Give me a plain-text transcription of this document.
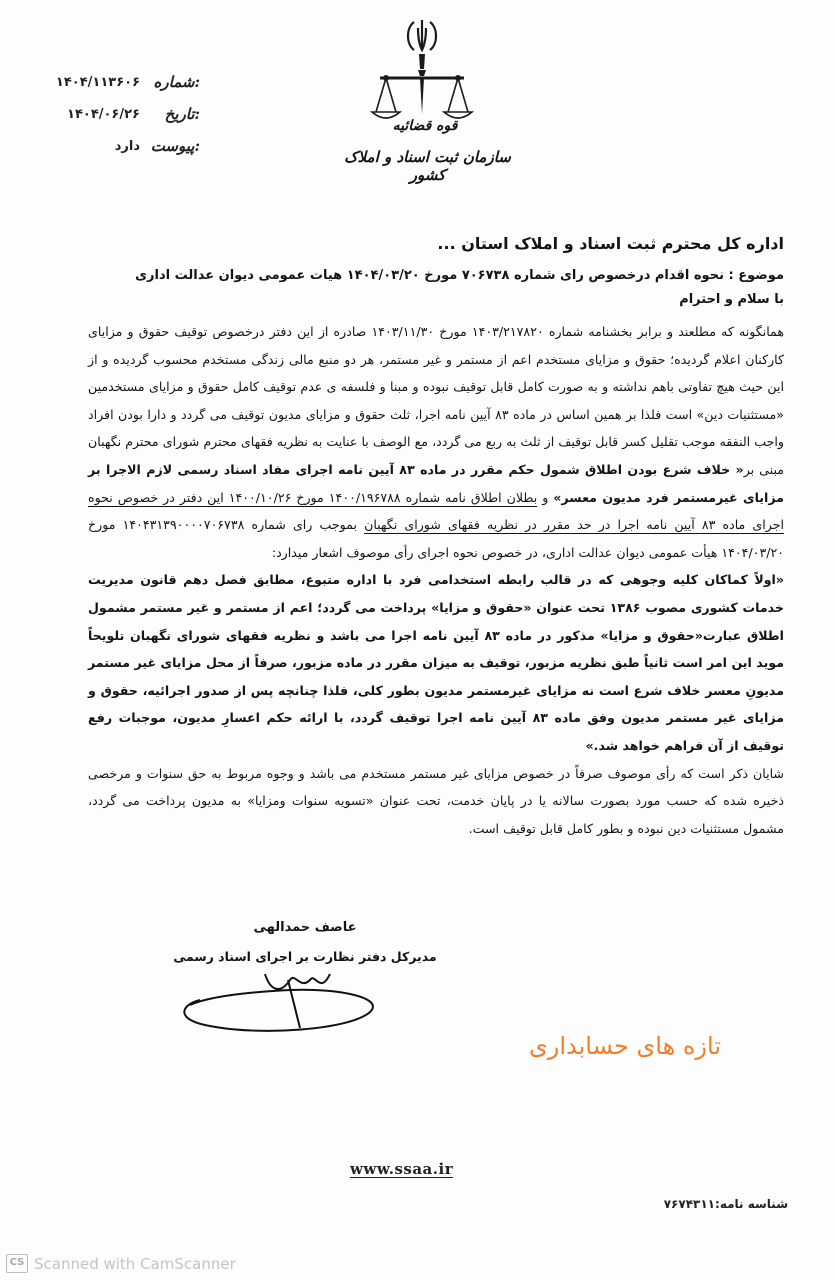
۱۴۰۴/۱۱۳۶۰۶ شماره:
۱۴۰۴/۰۶/۲۶	تاریخ:
دارد پیوست:
قوه قضائیه
سازمان ثبت اسناد و املاک کشور

اداره کل محترم ثبت اسناد و املاک استان ...

موضوع : نحوه اقدام درخصوص رای شماره ۷۰۶۷۳۸ مورخ ۱۴۰۴/۰۳/۲۰ هیات عمومی دیوان عدالت اداری

با سلام و احترام

همانگونه که مطلعند و برابر بخشنامه شماره ۱۴۰۳/۲۱۷۸۲۰ مورخ ۱۴۰۳/۱۱/۳۰ صادره از این دفتر درخصوص توقیف حقوق و مزایای کارکنان اعلام گردیده؛ حقوق و مزایای مستخدم اعم از مستمر و غیر مستمر، هر دو منبع مالی زندگی مستخدم محسوب گردیده و از این حیث هیچ تفاوتی باهم نداشته و به صورت کامل قابل توقیف نبوده و مبنا و فلسفه ی عدم توقیف کامل حقوق و مزایای مستخدمین «مستثنیات دین» است فلذا بر همین اساس در ماده ۸۳ آیین نامه اجرا، ثلث حقوق و مزایای مدیون توقیف می گردد و دارا بودن افراد واجب النفقه موجب تقلیل کسر قابل توقیف از ثلث به ربع می گردد، مع الوصف با عنایت به نظریه فقهای محترم شورای محترم نگهبان مبنی بر« خلاف شرع بودن اطلاق شمول حکم مقرر در ماده ۸۳ آیین نامه اجرای مفاد اسناد رسمی لازم الاجرا بر مزایای غیرمستمر فرد مدیون معسر» و بطلان اطلاق نامه شماره ۱۴۰۰/۱۹۶۷۸۸ مورخ ۱۴۰۰/۱۰/۲۶ این دفتر در خصوص نحوه اجرای ماده ۸۳ آیین نامه اجرا در حد مقرر در نظریه فقهای شورای نگهبان بموجب رای شماره ۱۴۰۴۳۱۳۹۰۰۰۰۷۰۶۷۳۸ مورخ ۱۴۰۴/۰۳/۲۰ هیأت عمومی دیوان عدالت اداری، در خصوص نحوه اجرای رأی موصوف اشعار میدارد:

«اولاً کماکان کلیه وجوهی که در قالب رابطه استخدامی فرد با اداره متبوع، مطابق فصل دهم قانون مدیریت خدمات کشوری مصوب ۱۳۸۶ تحت عنوان «حقوق و مزایا» پرداخت می گردد؛ اعم از مستمر و غیر مستمر مشمول اطلاق عبارت«حقوق و مزایا» مذکور در ماده ۸۳ آیین نامه اجرا می باشد و نظریه فقهای شورای نگهبان تلویحاً موید این امر است ثانیاً طبق نظریه مزبور، توقیف به میزان مقرر در ماده مزبور، صرفاً از محل مزایای غیر مستمر مدیونِ معسر خلاف شرع است نه مزایای غیرمستمر مدیون بطور کلی، فلذا چنانچه پس از صدور اجرائیه، حقوق و مزایای غیر مستمر مدیون وفق ماده ۸۳ آیین نامه اجرا توقیف گردد، با ارائه حکم اعسارِ مدیون، موجبات رفع توقیف از آن فراهم خواهد شد.»

شایان ذکر است که رأی موصوف صرفاً در خصوص مزایای غیر مستمر مستخدم می باشد و وجوه مربوط به حق سنوات و مرخصی ذخیره شده که حسب مورد بصورت سالانه یا در پایان خدمت، تحت عنوان «تسویه سنوات ومزایا» به مدیون پرداخت می گردد، مشمول مستثنیات دین نبوده و بطور کامل قابل توقیف است.

عاصف حمدالهی
مدیرکل دفتر نظارت بر اجرای اسناد رسمی
تازه های حسابداری
www.ssaa.ir
شناسه نامه:۷۶۷۴۳۱۱
CS Scanned with CamScanner
